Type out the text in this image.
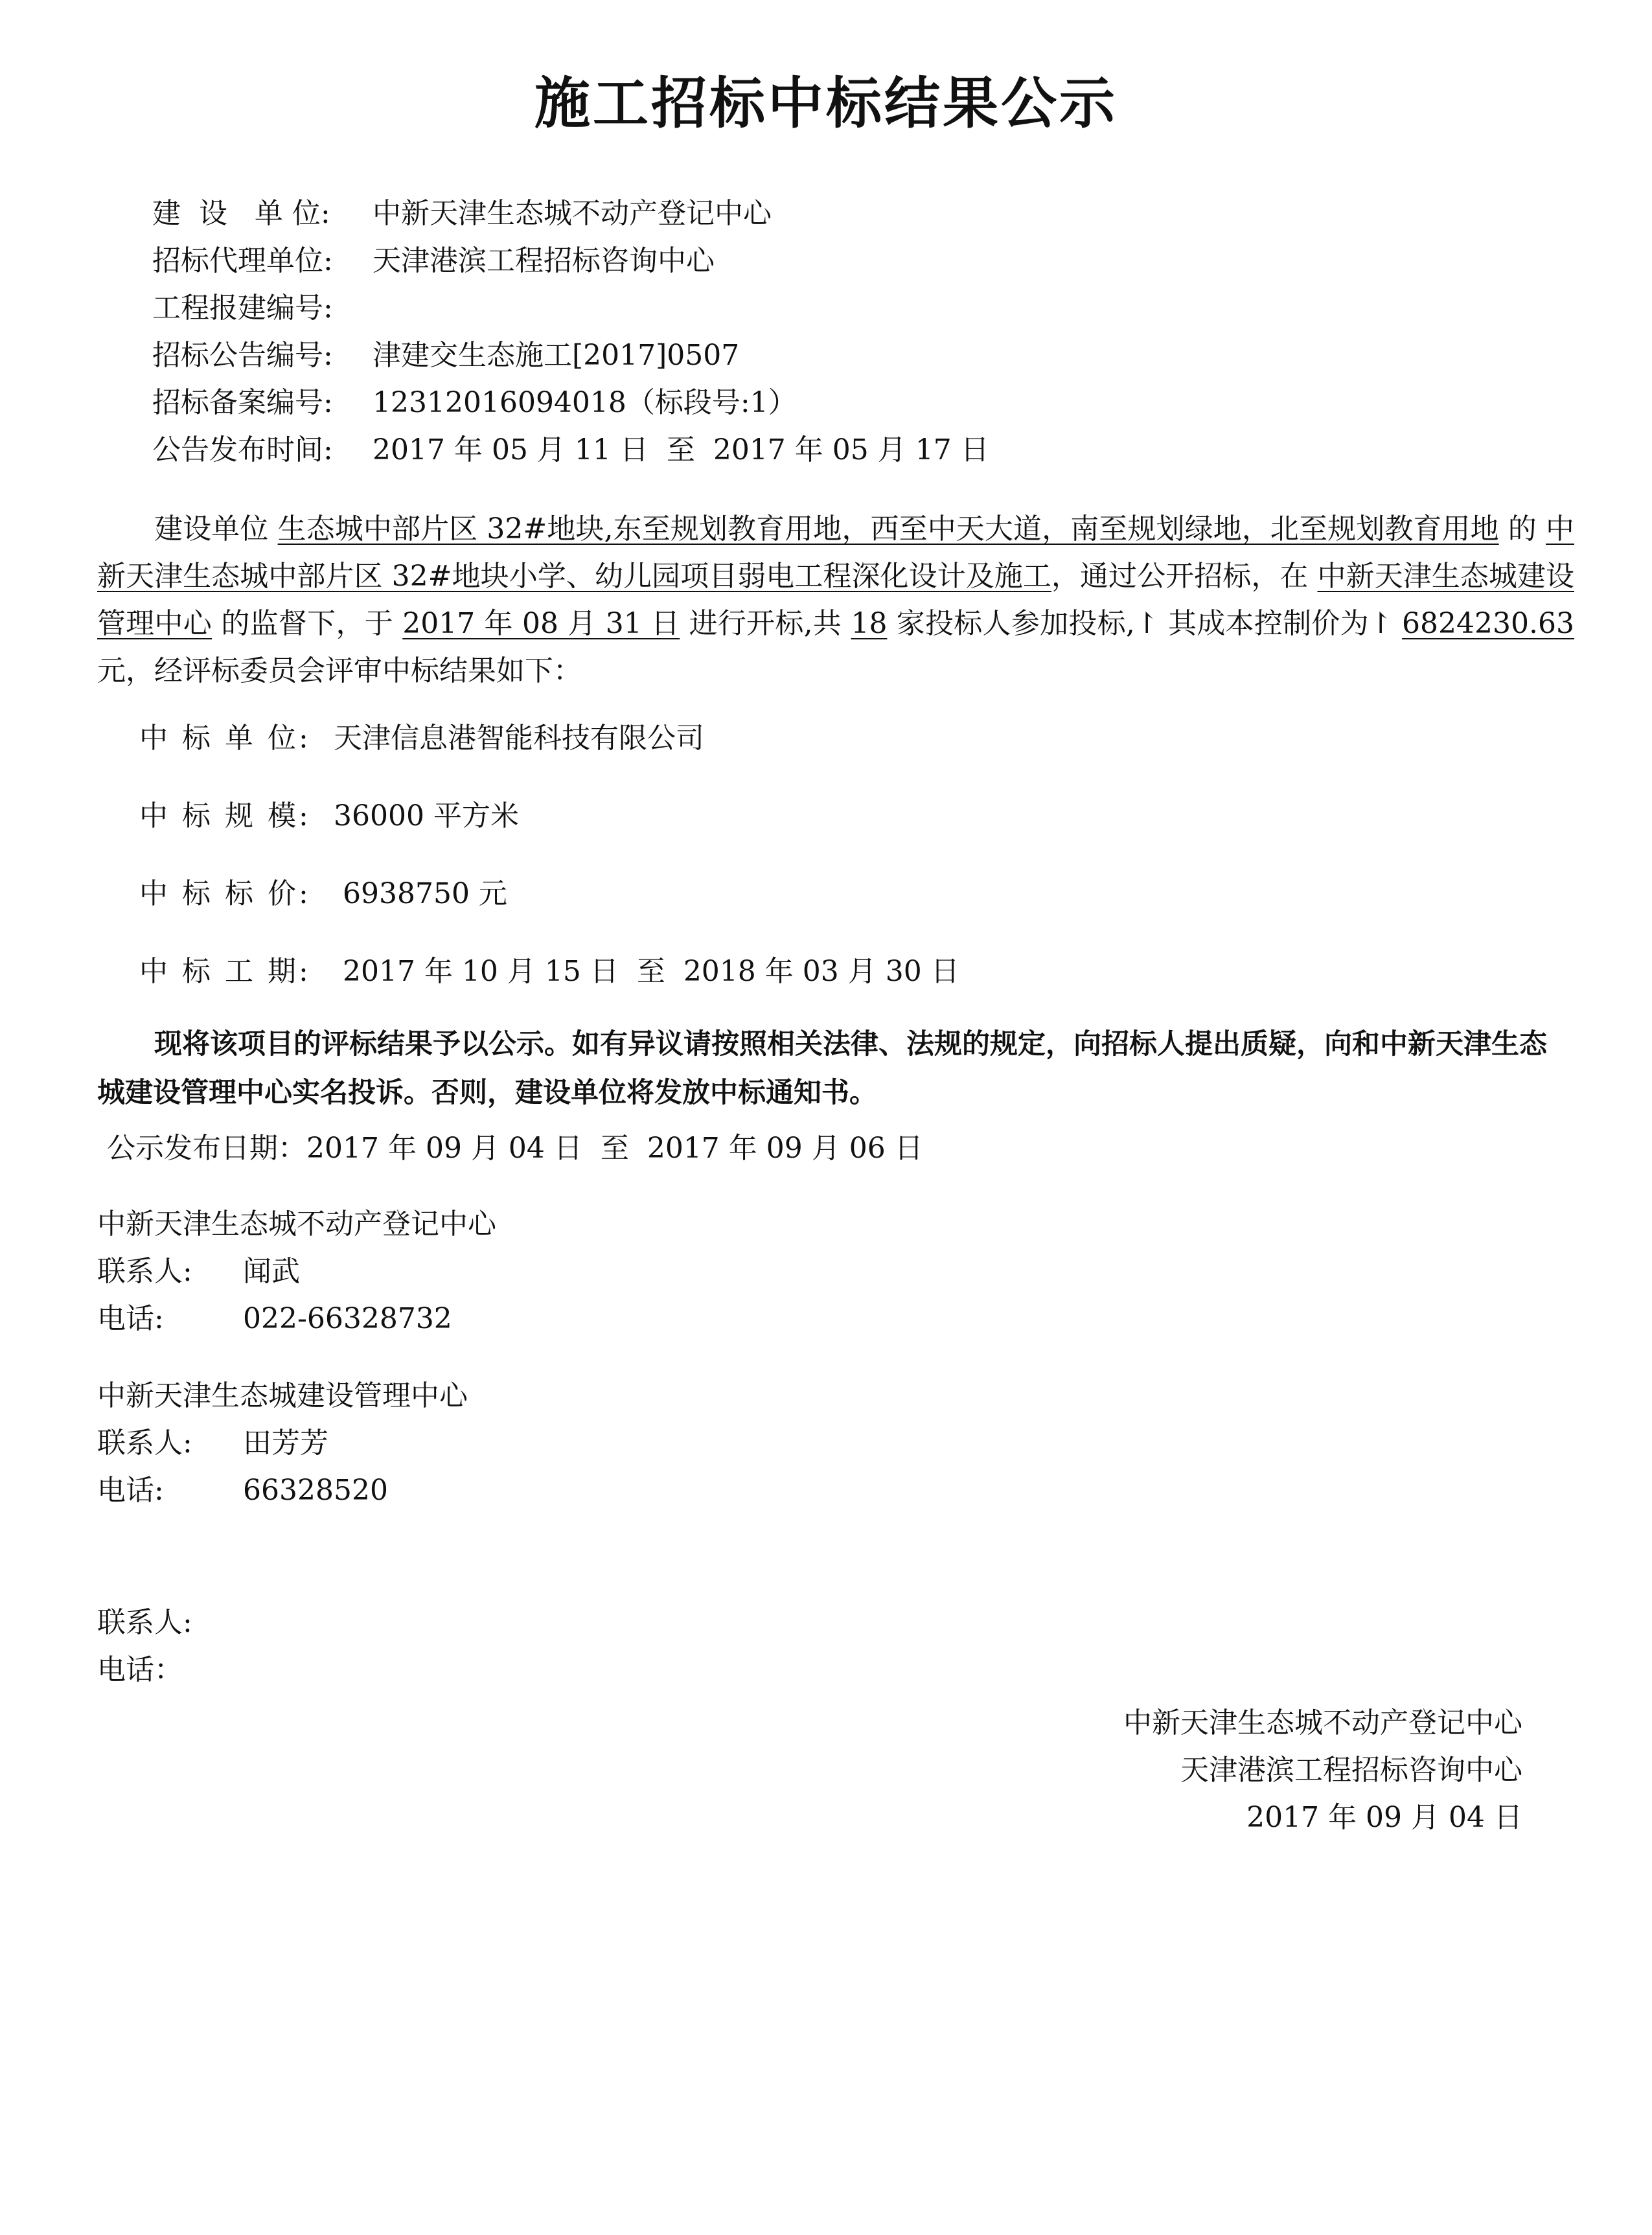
施工招标中标结果公示
建  设   单 位: 中新天津生态城不动产登记中心
招标代理单位: 天津港滨工程招标咨询中心
工程报建编号:
招标公告编号: 津建交生态施工[2017]0507
招标备案编号: 12312016094018（标段号:1）
公告发布时间: 2017 年 05 月 11 日  至  2017 年 05 月 17 日
建设单位 生态城中部片区 32#地块,东至规划教育用地，西至中天大道，南至规划绿地，北至规划教育用地 的 中新天津生态城中部片区 32#地块小学、幼儿园项目弱电工程深化设计及施工，通过公开招标，在 中新天津生态城建设管理中心 的监督下，于 2017 年 08 月 31 日 进行开标,共 18 家投标人参加投标,↾ 其成本控制价为↾ 6824230.63元，经评标委员会评审中标结果如下：
中 标 单 位: 天津信息港智能科技有限公司
中 标 规 模: 36000 平方米
中 标 标 价: 6938750 元
中 标 工 期: 2017 年 10 月 15 日  至  2018 年 03 月 30 日
现将该项目的评标结果予以公示。如有异议请按照相关法律、法规的规定，向招标人提出质疑，向和中新天津生态城建设管理中心实名投诉。否则，建设单位将发放中标通知书。
公示发布日期：2017 年 09 月 04 日  至  2017 年 09 月 06 日
中新天津生态城不动产登记中心
联系人: 闻武
电话:	022-66328732
中新天津生态城建设管理中心
联系人: 田芳芳
电话:	66328520
联系人:
电话：
中新天津生态城不动产登记中心
天津港滨工程招标咨询中心
2017 年 09 月 04 日
